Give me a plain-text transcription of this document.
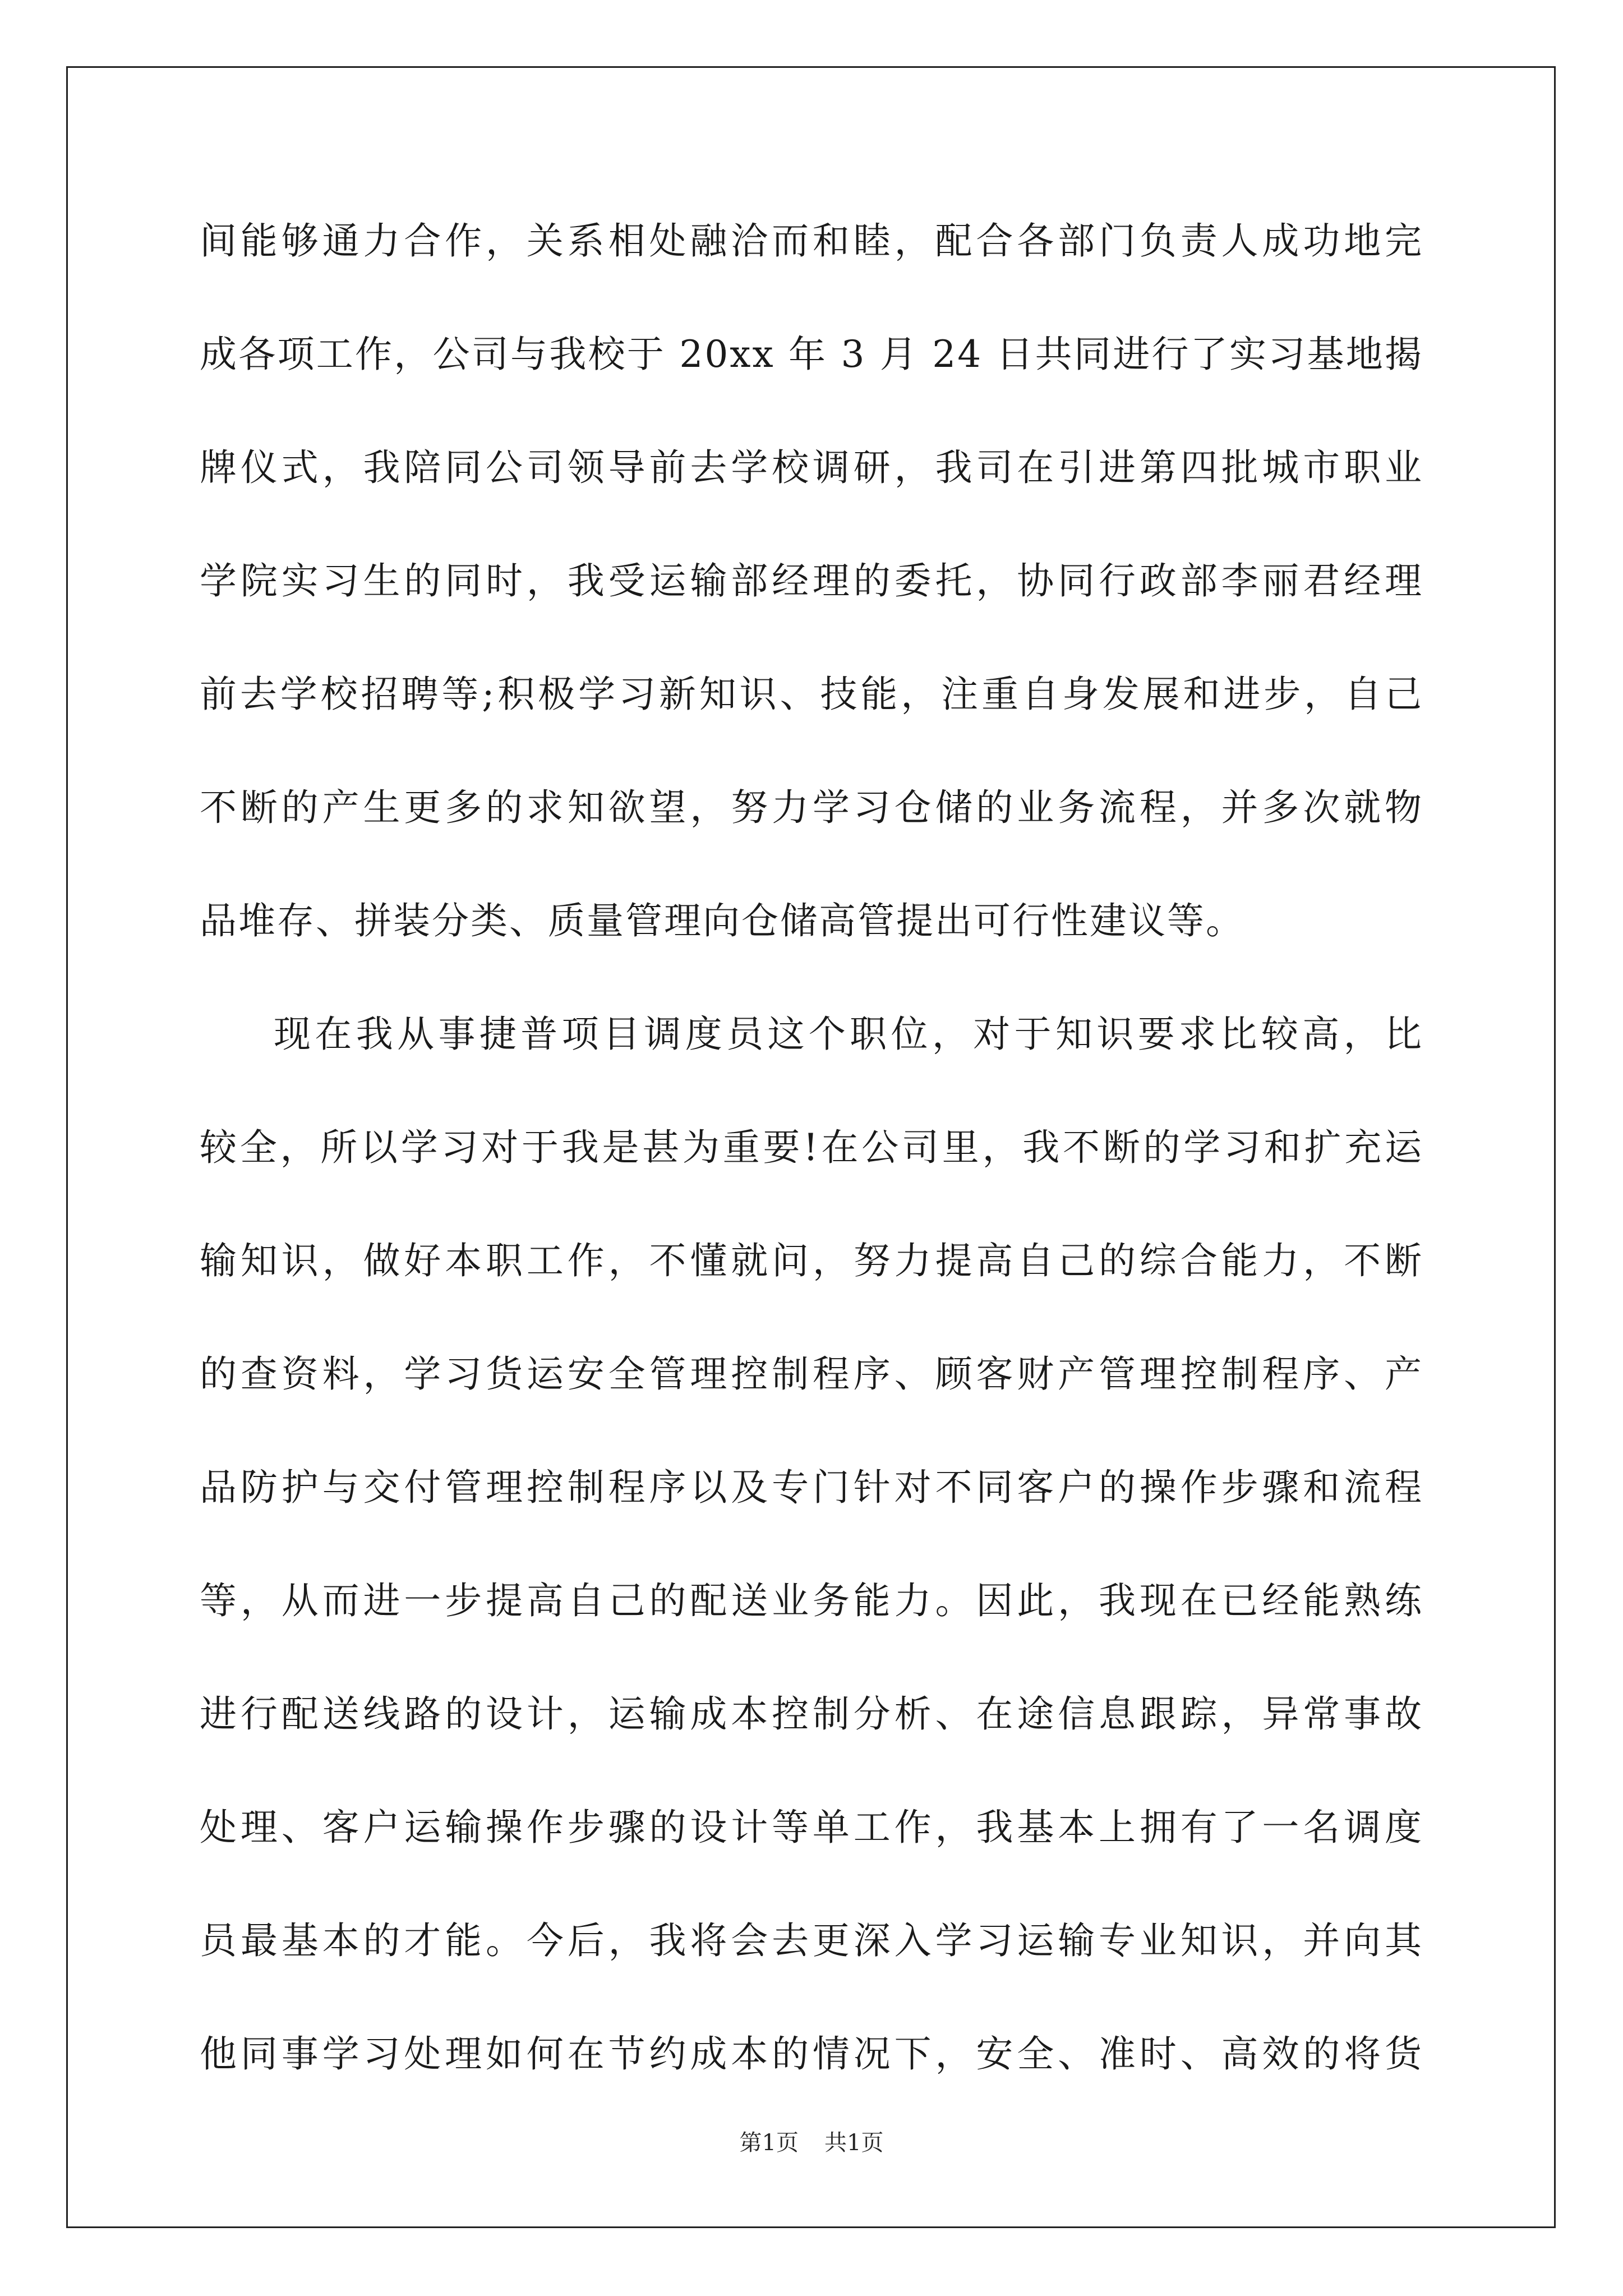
间能够通力合作，关系相处融洽而和睦，配合各部门负责人成功地完
成各项工作，公司与我校于 20xx 年 3 月 24 日共同进行了实习基地揭
牌仪式，我陪同公司领导前去学校调研，我司在引进第四批城市职业
学院实习生的同时，我受运输部经理的委托，协同行政部李丽君经理
前去学校招聘等;积极学习新知识、技能，注重自身发展和进步，自己
不断的产生更多的求知欲望，努力学习仓储的业务流程，并多次就物
品堆存、拼装分类、质量管理向仓储高管提出可行性建议等。
现在我从事捷普项目调度员这个职位，对于知识要求比较高，比
较全，所以学习对于我是甚为重要!在公司里，我不断的学习和扩充运
输知识，做好本职工作，不懂就问，努力提高自己的综合能力，不断
的查资料，学习货运安全管理控制程序、顾客财产管理控制程序、产
品防护与交付管理控制程序以及专门针对不同客户的操作步骤和流程
等，从而进一步提高自己的配送业务能力。因此，我现在已经能熟练
进行配送线路的设计，运输成本控制分析、在途信息跟踪，异常事故
处理、客户运输操作步骤的设计等单工作，我基本上拥有了一名调度
员最基本的才能。今后，我将会去更深入学习运输专业知识，并向其
他同事学习处理如何在节约成本的情况下，安全、准时、高效的将货
第1页 共1页
